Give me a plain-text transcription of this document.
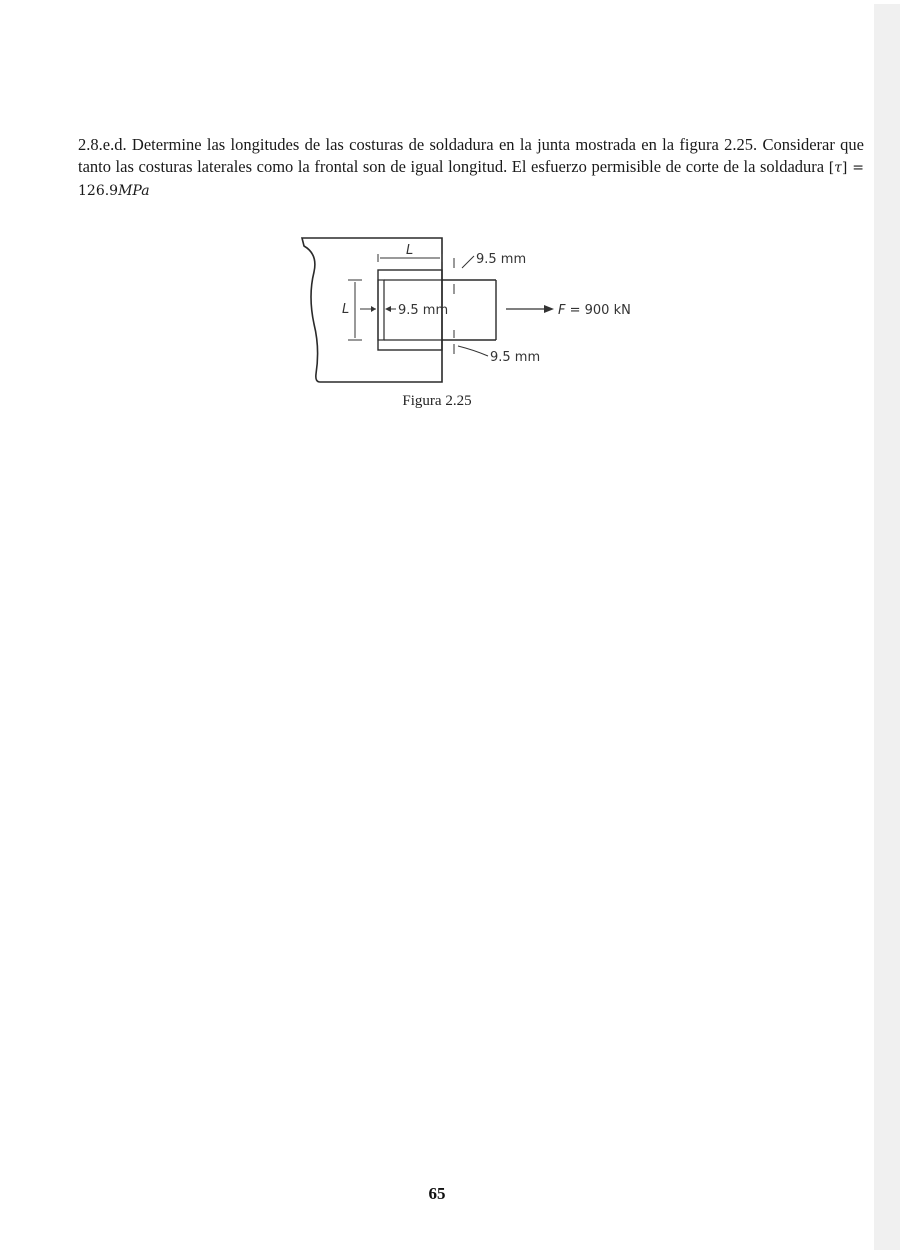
2.8.e.d. Determine las longitudes de las costuras de soldadura en la junta mostrada en la figura 2.25. Considerar que tanto las costuras laterales como la frontal son de igual longitud. El esfuerzo permisible de corte de la soldadura [τ] = 126.9MPa

L
L	9.5 mm
9.5 mm
9.5 mm
F = 900 kN
Figura 2.25
65
